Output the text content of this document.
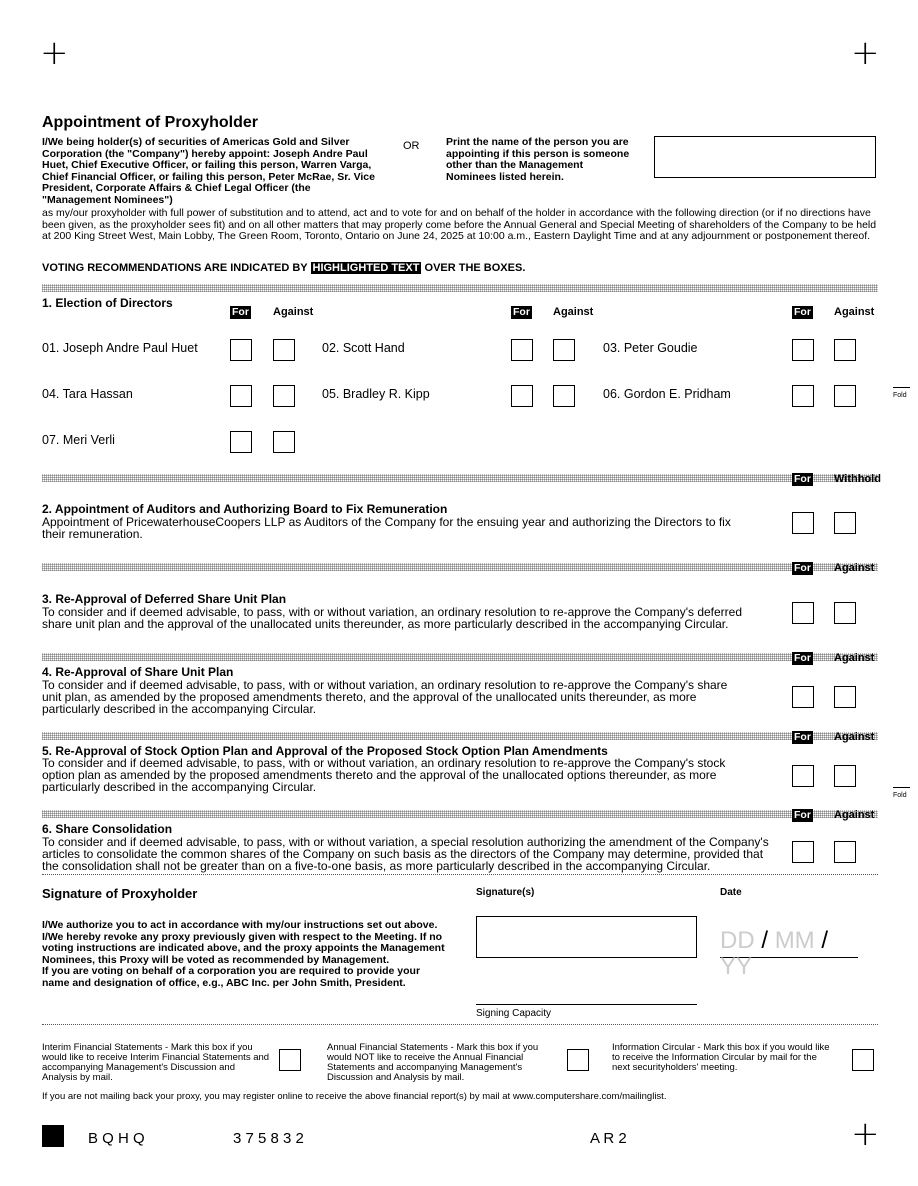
+	+
+
Appointment of Proxyholder
I/We being holder(s) of securities of Americas Gold and Silver Corporation (the "Company") hereby appoint: Joseph Andre Paul Huet, Chief Executive Officer, or failing this person, Warren Varga, Chief Financial Officer, or failing this person, Peter McRae, Sr. Vice President, Corporate Affairs & Chief Legal Officer (the "Management Nominees")
OR	Print the name of the person you are appointing if this person is someone other than the Management Nominees listed herein.
as my/our proxyholder with full power of substitution and to attend, act and to vote for and on behalf of the holder in accordance with the following direction (or if no directions have been given, as the proxyholder sees fit) and on all other matters that may properly come before the Annual General and Special Meeting of shareholders of the Company to be held at 200 King Street West, Main Lobby, The Green Room, Toronto, Ontario on June 24, 2025 at 10:00 a.m., Eastern Daylight Time and at any adjournment or postponement thereof.
VOTING RECOMMENDATIONS ARE INDICATED BY HIGHLIGHTED TEXT OVER THE BOXES.
1. Election of Directors
For Against	For Against	For Against
01. Joseph Andre Paul Huet	02. Scott Hand	03. Peter Goudie
04. Tara Hassan	05. Bradley R. Kipp	06. Gordon E. Pridham
07. Meri Verli
Fold
For Withhold
2. Appointment of Auditors and Authorizing Board to Fix Remuneration
Appointment of PricewaterhouseCoopers LLP as Auditors of the Company for the ensuing year and authorizing the Directors to fix their remuneration.
For Against
3. Re-Approval of Deferred Share Unit Plan
To consider and if deemed advisable, to pass, with or without variation, an ordinary resolution to re-approve the Company's deferred share unit plan and the approval of the unallocated units thereunder, as more particularly described in the accompanying Circular.
For Against
4. Re-Approval of Share Unit Plan
To consider and if deemed advisable, to pass, with or without variation, an ordinary resolution to re-approve the Company's share unit plan, as amended by the proposed amendments thereto, and the approval of the unallocated units thereunder, as more particularly described in the accompanying Circular.
For Against
5. Re-Approval of Stock Option Plan and Approval of the Proposed Stock Option Plan Amendments
To consider and if deemed advisable, to pass, with or without variation, an ordinary resolution to re-approve the Company's stock option plan as amended by the proposed amendments thereto and the approval of the unallocated options thereunder, as more particularly described in the accompanying Circular.
Fold
For Against
6. Share Consolidation
To consider and if deemed advisable, to pass, with or without variation, a special resolution authorizing the amendment of the Company's articles to consolidate the common shares of the Company on such basis as the directors of the Company may determine, provided that the consolidation shall not be greater than on a five-to-one basis, as more particularly described in the accompanying Circular.
Signature of Proxyholder
I/We authorize you to act in accordance with my/our instructions set out above. I/We hereby revoke any proxy previously given with respect to the Meeting. If no voting instructions are indicated above, and the proxy appoints the Management Nominees, this Proxy will be voted as recommended by Management.
If you are voting on behalf of a corporation you are required to provide your name and designation of office, e.g., ABC Inc. per John Smith, President.
Signature(s)	Date
DD / MM / YY
Signing Capacity
Interim Financial Statements - Mark this box if you would like to receive Interim Financial Statements and accompanying Management's Discussion and Analysis by mail.
Annual Financial Statements - Mark this box if you would NOT like to receive the Annual Financial Statements and accompanying Management's Discussion and Analysis by mail.
Information Circular - Mark this box if you would like to receive the Information Circular by mail for the next securityholders' meeting.
If you are not mailing back your proxy, you may register online to receive the above financial report(s) by mail at www.computershare.com/mailinglist.
B Q H Q	3 7 5 8 3 2	A R 2
